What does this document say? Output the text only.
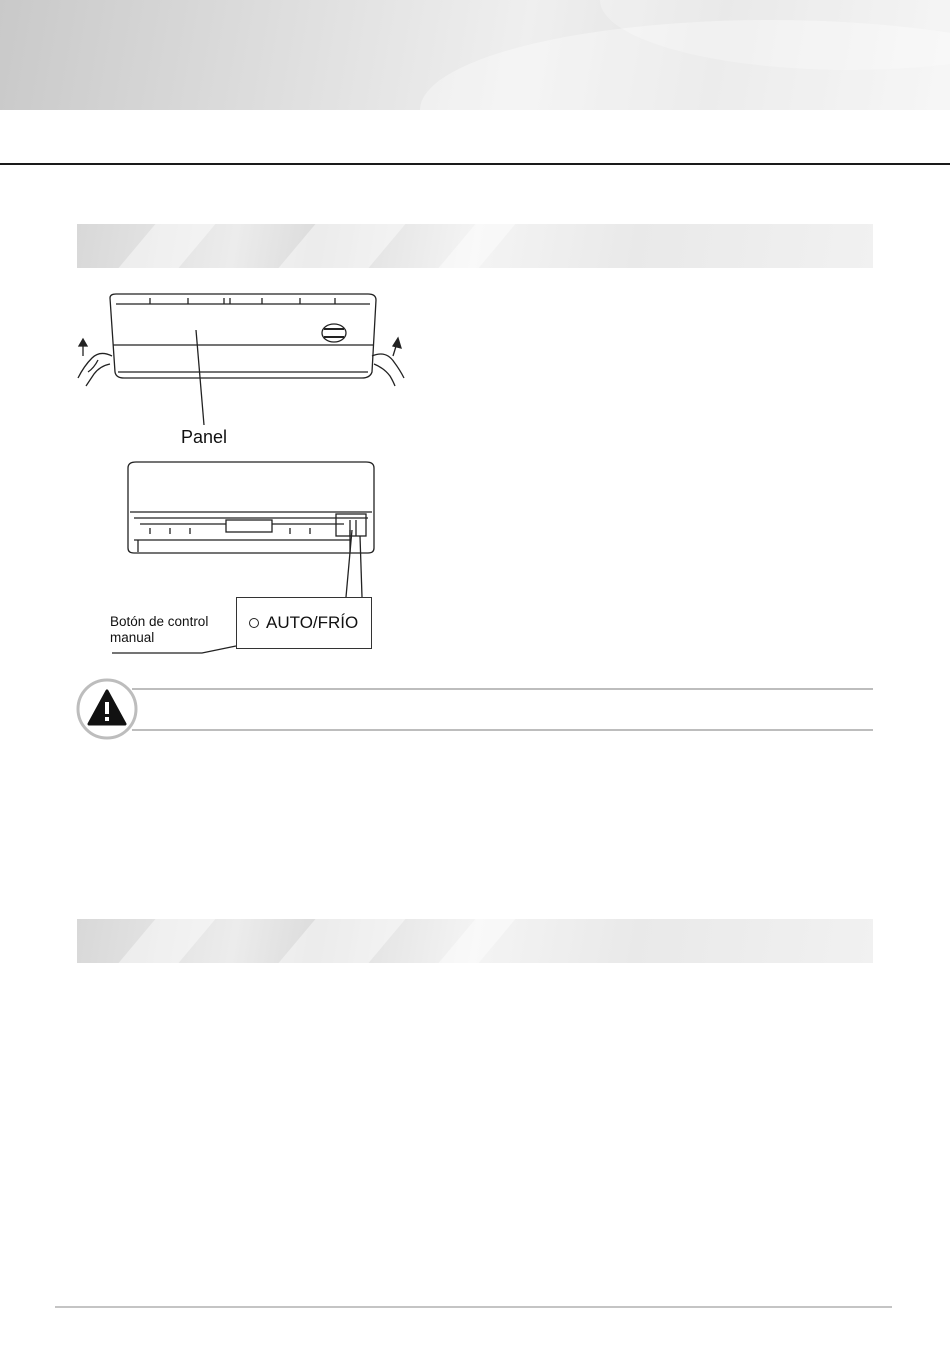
Panel
Botón de control
manual
AUTO/FRÍO
